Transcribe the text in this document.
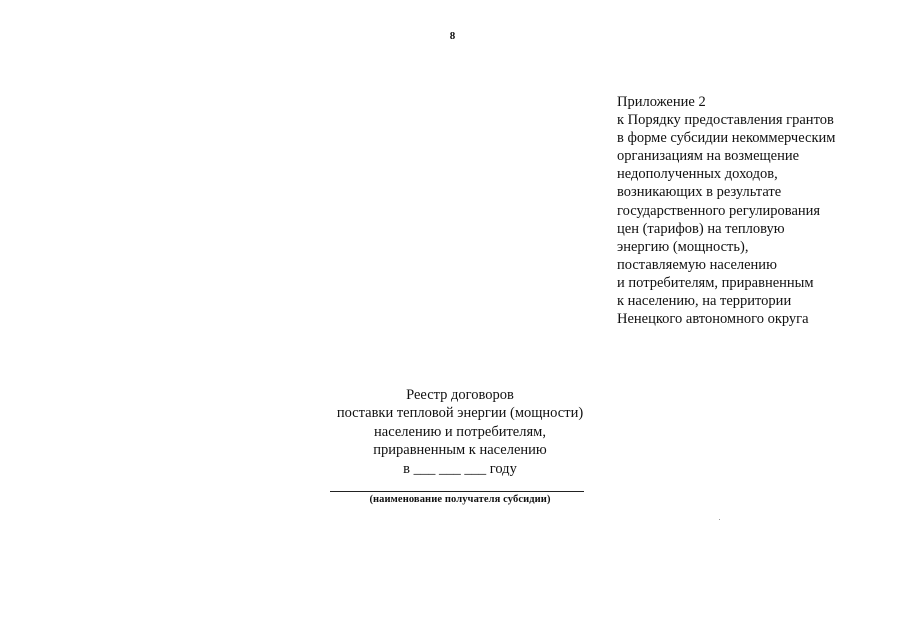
8
Приложение 2
к Порядку предоставления грантов
в форме субсидии некоммерческим
организациям на возмещение
недополученных доходов,
возникающих в результате
государственного регулирования
цен (тарифов) на тепловую
энергию (мощность),
поставляемую населению
и потребителям, приравненным
к населению, на территории
Ненецкого автономного округа
Реестр договоров
поставки тепловой энергии (мощности)
населению и потребителям,
приравненным к населению
в ___ ___ ___ году
(наименование получателя субсидии)
